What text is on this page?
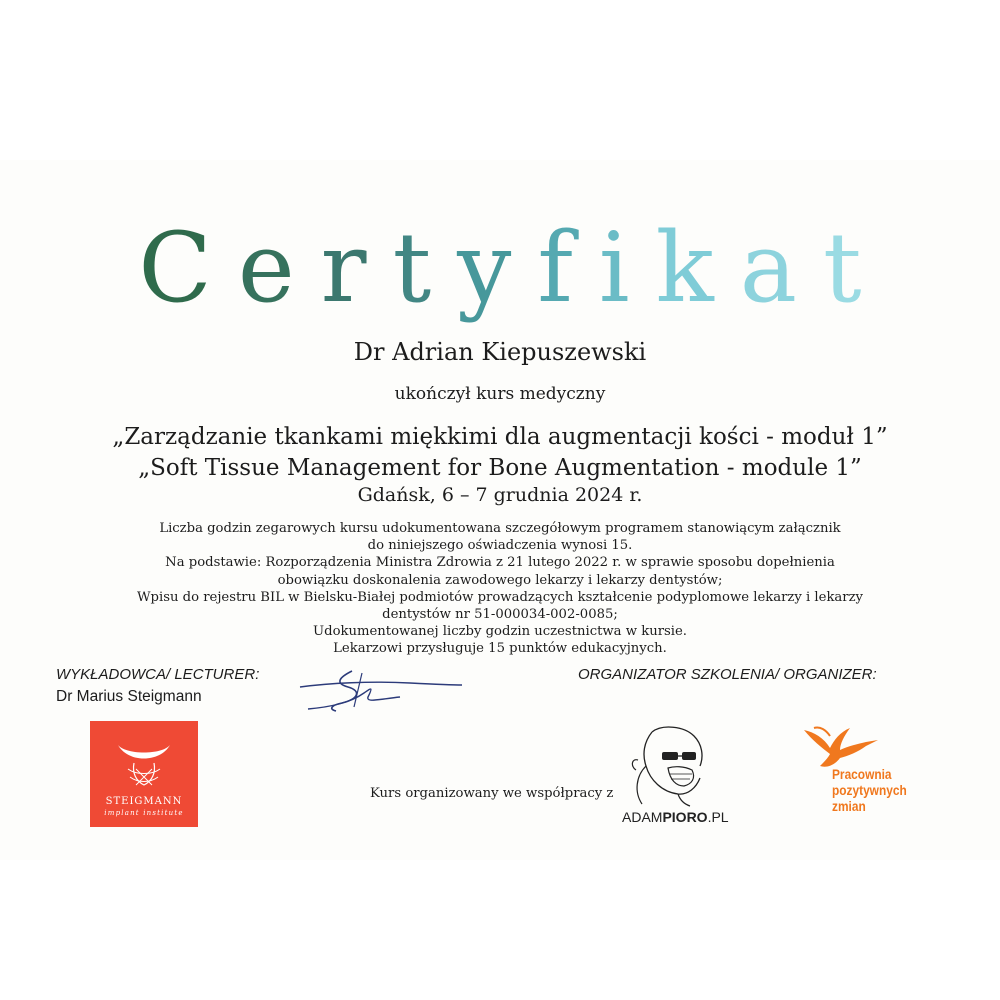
Certyfikat
Dr Adrian Kiepuszewski
ukończył kurs medyczny
„Zarządzanie tkankami miękkimi dla augmentacji kości - moduł 1”
„Soft Tissue Management for Bone Augmentation - module 1”
Gdańsk, 6 – 7 grudnia 2024 r.
Liczba godzin zegarowych kursu udokumentowana szczegółowym programem stanowiącym załącznik
do niniejszego oświadczenia wynosi 15.
Na podstawie: Rozporządzenia Ministra Zdrowia z 21 lutego 2022 r. w sprawie sposobu dopełnienia
obowiązku doskonalenia zawodowego lekarzy i lekarzy dentystów;
Wpisu do rejestru BIL w Bielsku-Białej podmiotów prowadzących kształcenie podyplomowe lekarzy i lekarzy
dentystów nr 51-000034-002-0085;
Udokumentowanej liczby godzin uczestnictwa w kursie.
Lekarzowi przysługuje 15 punktów edukacyjnych.
WYKŁADOWCA/ LECTURER:
Dr Marius Steigmann
ORGANIZATOR SZKOLENIA/ ORGANIZER:
STEIGMANN
implant institute
Kurs organizowany we współpracy z
ADAMPIORO.PL
Pracownia
pozytywnych
zmian
